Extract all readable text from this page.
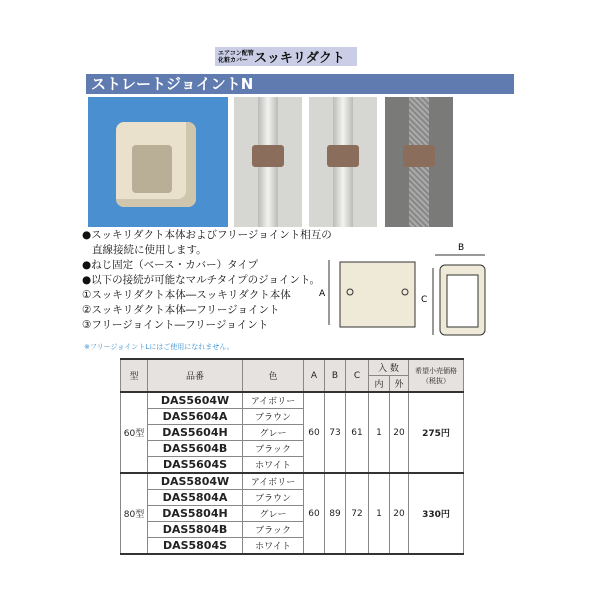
エアコン配管化粧カバー スッキリダクト
ストレートジョイントN
●スッキリダクト本体およびフリージョイント相互の
直線接続に使用します。
●ねじ固定（ベース・カバー）タイプ
●以下の接続が可能なマルチタイプのジョイント。
①スッキリダクト本体―スッキリダクト本体
②スッキリダクト本体―フリージョイント
③フリージョイント―フリージョイント
※フリージョイントLにはご使用になれません。
A
B
C
型	品番	色	A	B	C	入 数		希望小売価格
（税抜）

						内	外	
60型	DAS5604W	アイボリー	60	73	61	1	20	275円
	DAS5604A	ブラウン						
	DAS5604H	グレー						
	DAS5604B	ブラック						
	DAS5604S	ホワイト						
80型	DAS5804W	アイボリー	60	89	72	1	20	330円
	DAS5804A	ブラウン						
	DAS5804H	グレー						
	DAS5804B	ブラック						
	DAS5804S	ホワイト						
